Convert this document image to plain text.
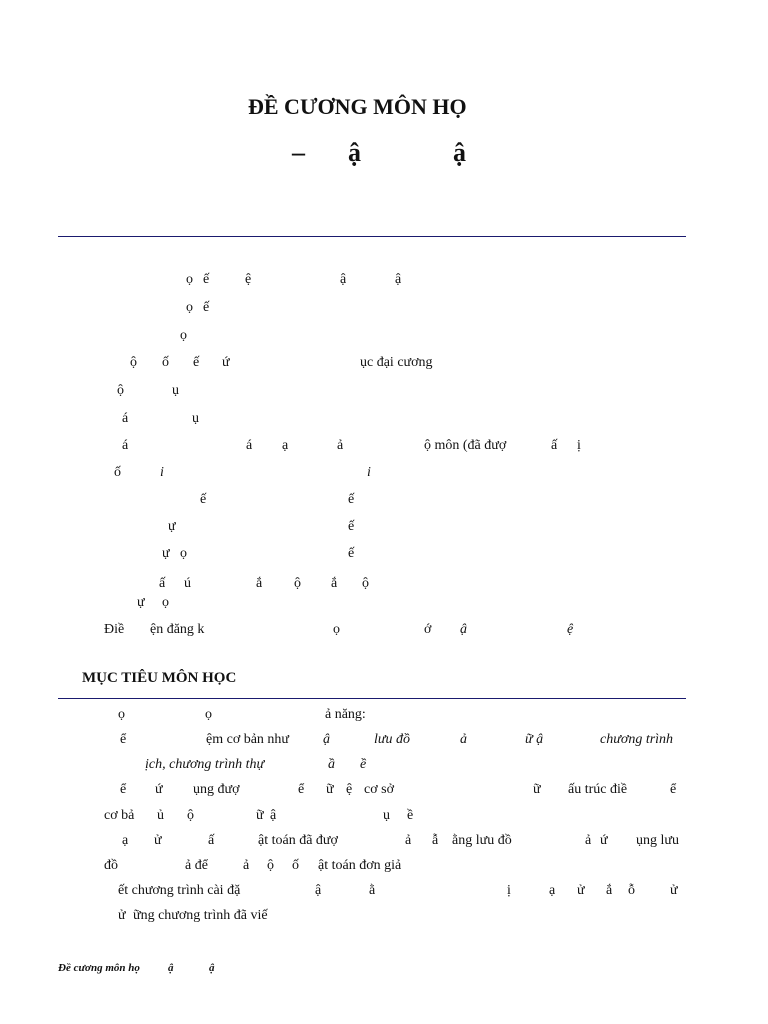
ĐỀ CƯƠNG MÔN HỌ
– ậ	ậ
ọ ế	ệ	ậ	ậ
ọ ế
ọ
ộ ố ế ứ	ục đại cương
ộ	ụ
á	ụ
á	á ạ	ả	ộ môn (đã đượ	ấ ị
ố	i	i
ế	ế
ự	ế
ự ọ	ế
ấ ú	ắ ộ ắ ộ
ự ọ
Điề ện đăng k	ọ	ớ ậ	ệ
MỤC TIÊU MÔN HỌC
ọ	ọ	ả năng:
ể	ệm cơ bản như ậ	lưu đồ	ả	ữ ậ	chương trình
ịch, chương trình thự	ầ ề
ể ứ ụng đượ	ể ữ ệ cơ sở	ữ ấu trúc điề	ể
cơ bả ủ ộ	ữ ậ	ụ ề
ạ ử	ấ	ật toán đã đượ	ả ẫ ằng lưu đồ	ả ứ ụng lưu
đồ	ả để	ả ộ ố ật toán đơn giả
ết chương trình cài đặ	ậ	ằ	ị	ạ ử ắ ỗ	ử
ử ững chương trình đã viế
Đề cương môn họ	ậ	ậ
